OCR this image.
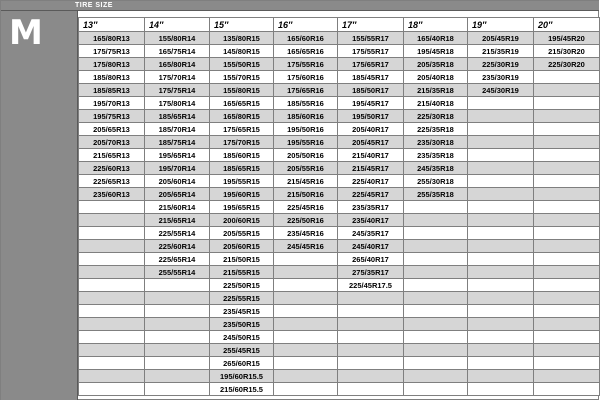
TIRE SIZE
M	13″	14″	15″	16″	17″	18″	19″	20″
165/80R13	155/80R14	135/80R15	165/60R16	155/55R17	165/40R18	205/45R19	195/45R20
175/75R13	165/75R14	145/80R15	165/65R16	175/55R17	195/45R18	215/35R19	215/30R20
175/80R13	165/80R14	155/50R15	175/55R16	175/65R17	205/35R18	225/30R19	225/30R20
185/80R13	175/70R14	155/70R15	175/60R16	185/45R17	205/40R18	235/30R19	
185/85R13	175/75R14	155/80R15	175/65R16	185/50R17	215/35R18	245/30R19	
195/70R13	175/80R14	165/65R15	185/55R16	195/45R17	215/40R18		
195/75R13	185/65R14	165/80R15	185/60R16	195/50R17	225/30R18		
205/65R13	185/70R14	175/65R15	195/50R16	205/40R17	225/35R18		
205/70R13	185/75R14	175/70R15	195/55R16	205/45R17	235/30R18		
215/65R13	195/65R14	185/60R15	205/50R16	215/40R17	235/35R18		
225/60R13	195/70R14	185/65R15	205/55R16	215/45R17	245/35R18		
225/65R13	205/60R14	195/55R15	215/45R16	225/40R17	255/30R18		
235/60R13	205/65R14	195/60R15	215/50R16	225/45R17	255/35R18		
	215/60R14	195/65R15	225/45R16	235/35R17			
	215/65R14	200/60R15	225/50R16	235/40R17			
	225/55R14	205/55R15	235/45R16	245/35R17			
	225/60R14	205/60R15	245/45R16	245/40R17			
	225/65R14	215/50R15		265/40R17			
	255/55R14	215/55R15		275/35R17			
		225/50R15		225/45R17.5			
		225/55R15					
		235/45R15					
		235/50R15					
		245/50R15					
		255/45R15					
		265/60R15					
		195/60R15.5					
		215/60R15.5					
